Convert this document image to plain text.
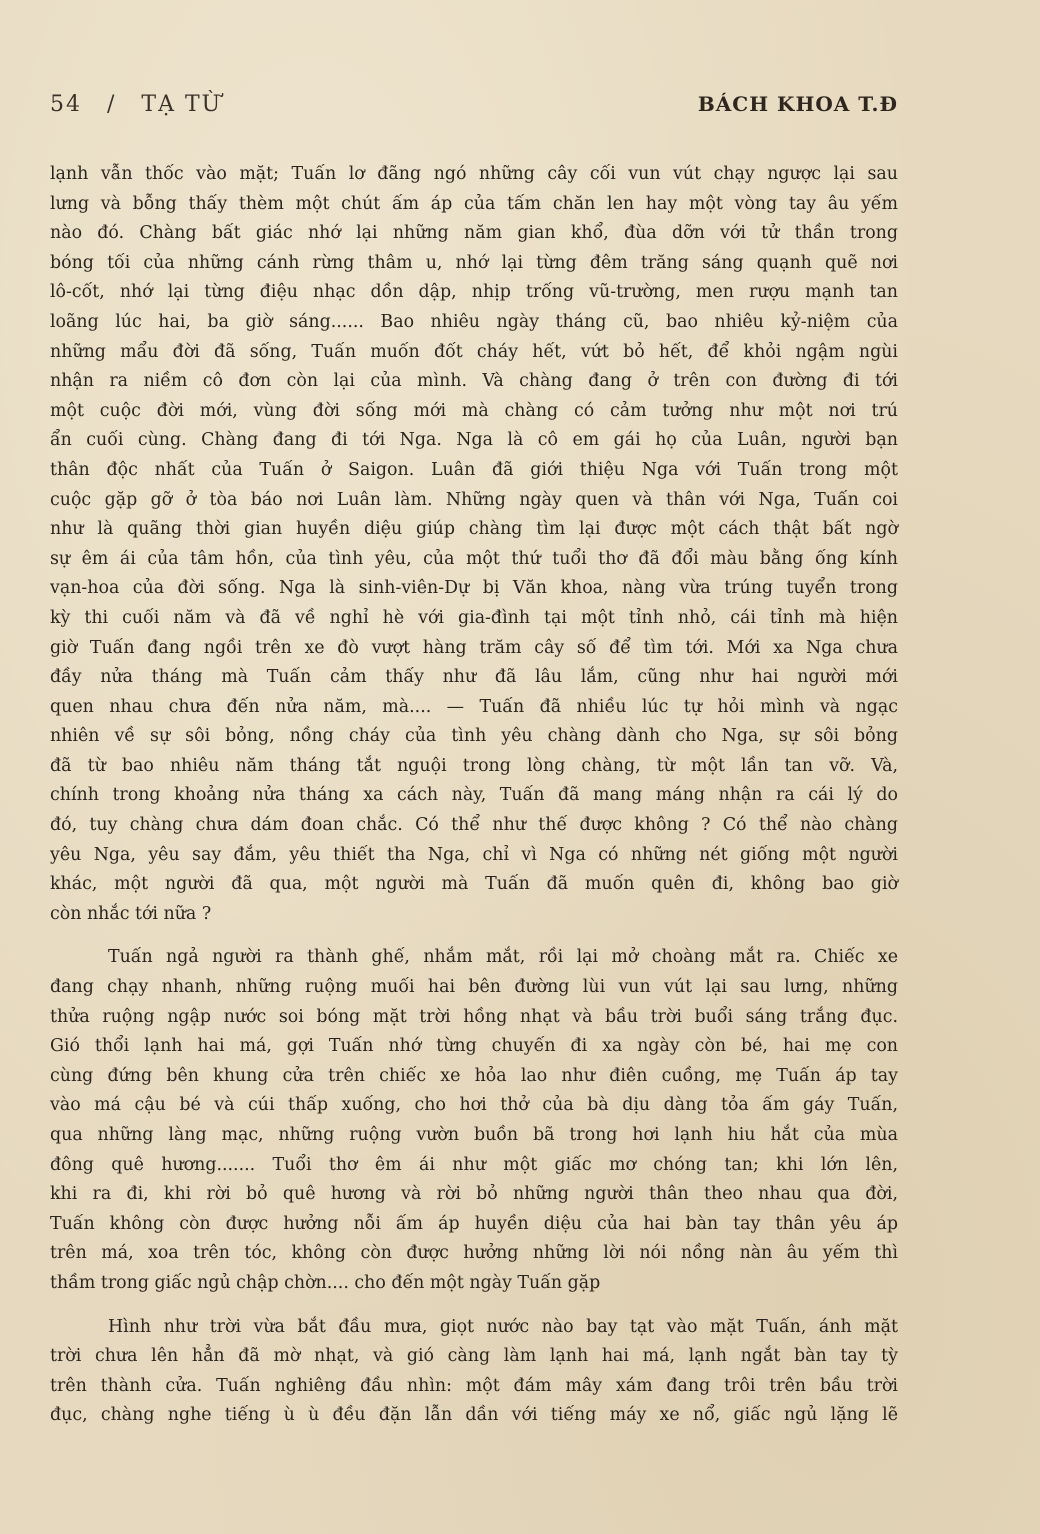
54 / TẠ TỪ	BÁCH KHOA T.Đ
lạnh vẫn thốc vào mặt; Tuấn lơ đãng ngó những cây cối vun vút chạy ngược lại sau
lưng và bỗng thấy thèm một chút ấm áp của tấm chăn len hay một vòng tay âu yếm
nào đó. Chàng bất giác nhớ lại những năm gian khổ, đùa dỡn với tử thần trong
bóng tối của những cánh rừng thâm u, nhớ lại từng đêm trăng sáng quạnh quẽ nơi
lô-cốt, nhớ lại từng điệu nhạc dồn dập, nhịp trống vũ-trường, men rượu mạnh tan
loãng lúc hai, ba giờ sáng...... Bao nhiêu ngày tháng cũ, bao nhiêu kỷ-niệm của
những mẩu đời đã sống, Tuấn muốn đốt cháy hết, vứt bỏ hết, để khỏi ngậm ngùi
nhận ra niềm cô đơn còn lại của mình. Và chàng đang ở trên con đường đi tới
một cuộc đời mới, vùng đời sống mới mà chàng có cảm tưởng như một nơi trú
ẩn cuối cùng. Chàng đang đi tới Nga. Nga là cô em gái họ của Luân, người bạn
thân độc nhất của Tuấn ở Saigon. Luân đã giới thiệu Nga với Tuấn trong một
cuộc gặp gỡ ở tòa báo nơi Luân làm. Những ngày quen và thân với Nga, Tuấn coi
như là quãng thời gian huyền diệu giúp chàng tìm lại được một cách thật bất ngờ
sự êm ái của tâm hồn, của tình yêu, của một thứ tuổi thơ đã đổi màu bằng ống kính
vạn-hoa của đời sống. Nga là sinh-viên-Dự bị Văn khoa, nàng vừa trúng tuyển trong
kỳ thi cuối năm và đã về nghỉ hè với gia-đình tại một tỉnh nhỏ, cái tỉnh mà hiện
giờ Tuấn đang ngồi trên xe đò vượt hàng trăm cây số để tìm tới. Mới xa Nga chưa
đầy nửa tháng mà Tuấn cảm thấy như đã lâu lắm, cũng như hai người mới
quen nhau chưa đến nửa năm, mà.... — Tuấn đã nhiều lúc tự hỏi mình và ngạc
nhiên về sự sôi bỏng, nồng cháy của tình yêu chàng dành cho Nga, sự sôi bỏng
đã từ bao nhiêu năm tháng tắt nguội trong lòng chàng, từ một lần tan vỡ. Và,
chính trong khoảng nửa tháng xa cách này, Tuấn đã mang máng nhận ra cái lý do
đó, tuy chàng chưa dám đoan chắc. Có thể như thế được không ? Có thể nào chàng
yêu Nga, yêu say đắm, yêu thiết tha Nga, chỉ vì Nga có những nét giống một người
khác, một người đã qua, một người mà Tuấn đã muốn quên đi, không bao giờ
còn nhắc tới nữa ?
Tuấn ngả người ra thành ghế, nhắm mắt, rồi lại mở choàng mắt ra. Chiếc xe
đang chạy nhanh, những ruộng muối hai bên đường lùi vun vút lại sau lưng, những
thửa ruộng ngập nước soi bóng mặt trời hồng nhạt và bầu trời buổi sáng trắng đục.
Gió thổi lạnh hai má, gợi Tuấn nhớ từng chuyến đi xa ngày còn bé, hai mẹ con
cùng đứng bên khung cửa trên chiếc xe hỏa lao như điên cuồng, mẹ Tuấn áp tay
vào má cậu bé và cúi thấp xuống, cho hơi thở của bà dịu dàng tỏa ấm gáy Tuấn,
qua những làng mạc, những ruộng vườn buồn bã trong hơi lạnh hiu hắt của mùa
đông quê hương....... Tuổi thơ êm ái như một giấc mơ chóng tan; khi lớn lên,
khi ra đi, khi rời bỏ quê hương và rời bỏ những người thân theo nhau qua đời,
Tuấn không còn được hưởng nỗi ấm áp huyền diệu của hai bàn tay thân yêu áp
trên má, xoa trên tóc, không còn được hưởng những lời nói nồng nàn âu yếm thì
thầm trong giấc ngủ chập chờn.... cho đến một ngày Tuấn gặp
Hình như trời vừa bắt đầu mưa, giọt nước nào bay tạt vào mặt Tuấn, ánh mặt
trời chưa lên hẳn đã mờ nhạt, và gió càng làm lạnh hai má, lạnh ngắt bàn tay tỳ
trên thành cửa. Tuấn nghiêng đầu nhìn: một đám mây xám đang trôi trên bầu trời
đục, chàng nghe tiếng ù ù đều đặn lẫn dần với tiếng máy xe nổ, giấc ngủ lặng lẽ
